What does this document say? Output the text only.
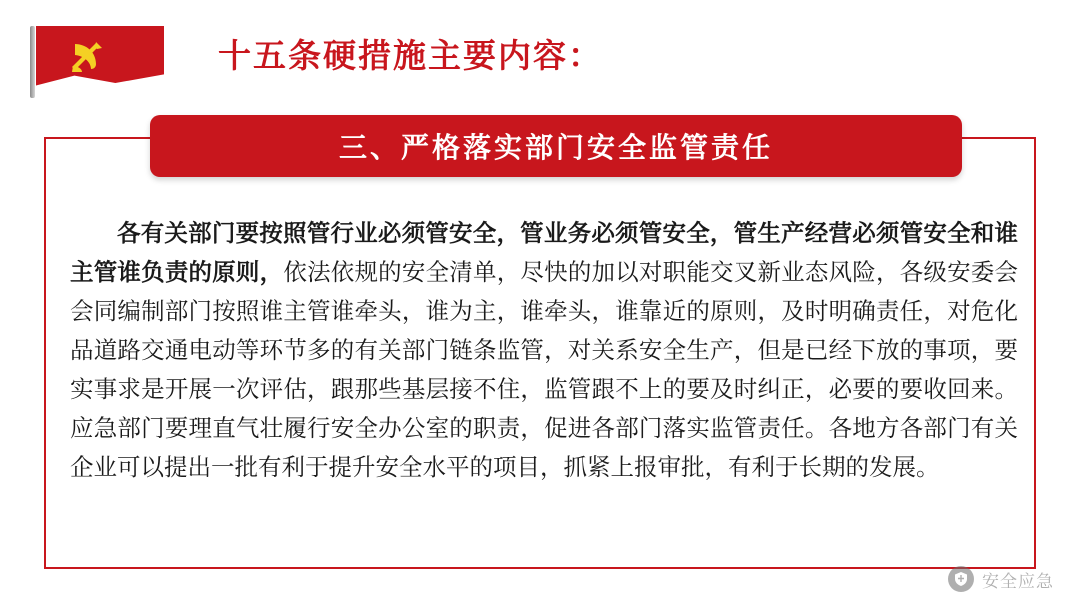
十五条硬措施主要内容：
三、严格落实部门安全监管责任

各有关部门要按照管行业必须管安全，管业务必须管安全，管生产经营必须管安全和谁主管谁负责的原则，依法依规的安全清单，尽快的加以对职能交叉新业态风险，各级安委会会同编制部门按照谁主管谁牵头，谁为主，谁牵头，谁靠近的原则，及时明确责任，对危化品道路交通电动等环节多的有关部门链条监管，对关系安全生产，但是已经下放的事项，要实事求是开展一次评估，跟那些基层接不住，监管跟不上的要及时纠正，必要的要收回来。应急部门要理直气壮履行安全办公室的职责，促进各部门落实监管责任。各地方各部门有关企业可以提出一批有利于提升安全水平的项目，抓紧上报审批，有利于长期的发展。

安全应急
